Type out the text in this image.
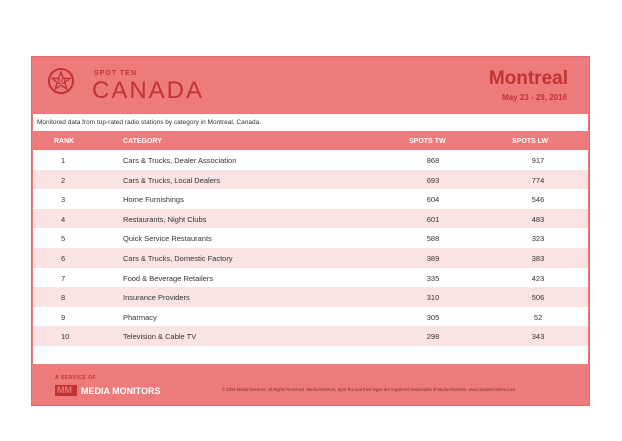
10
SPOT TEN
CANADA	Montreal
May 23 - 29, 2016
Monitored data from top-rated radio stations by category in Montreal, Canada.
RANK	CATEGORY	SPOTS TW	SPOTS LW
1	Cars & Trucks, Dealer Association	868	917
2	Cars & Trucks, Local Dealers	693	774
3	Home Furnishings	604	546
4	Restaurants, Night Clubs	601	483
5	Quick Service Restaurants	588	323
6	Cars & Trucks, Domestic Factory	389	383
7	Food & Beverage Retailers	335	423
8	Insurance Providers	310	506
9	Pharmacy	305	52
10	Television & Cable TV	298	343
A SERVICE OF
MM MEDIA MONITORS	© 2016 Media Monitors. All Rights Reserved. Media Monitors, Spot Ten and their logos are registered trademarks of Media Monitors. www.mediamonitors.com
